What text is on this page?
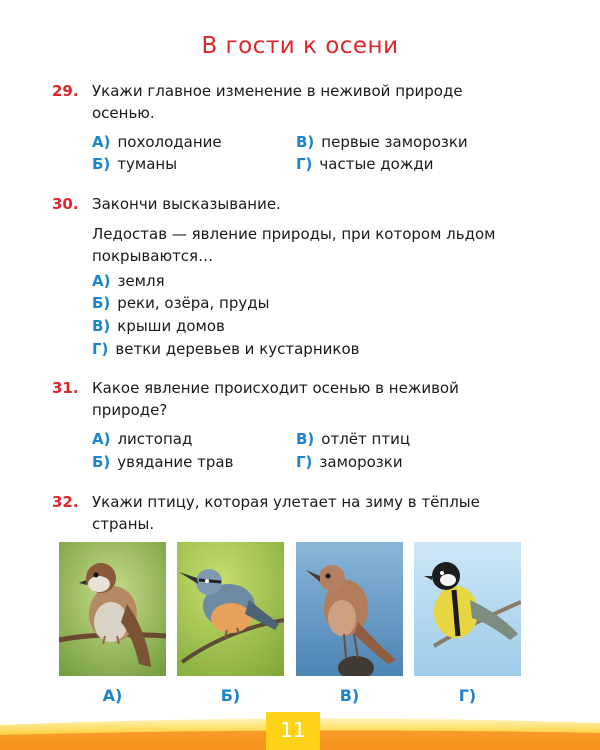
В гости к осени
29. Укажи главное изменение в неживой природе осенью.
А) похолодание	В) первые заморозки
Б) туманы	Г) частые дожди
30. Закончи высказывание.
Ледостав — явление природы, при котором льдом покрываются…
А) земля
Б) реки, озёра, пруды
В) крыши домов
Г) ветки деревьев и кустарников
31. Какое явление происходит осенью в неживой природе?
А) листопад	В) отлёт птиц
Б) увядание трав	Г) заморозки
32. Укажи птицу, которая улетает на зиму в тёплые страны.
А)	Б)	В)	Г)
11
